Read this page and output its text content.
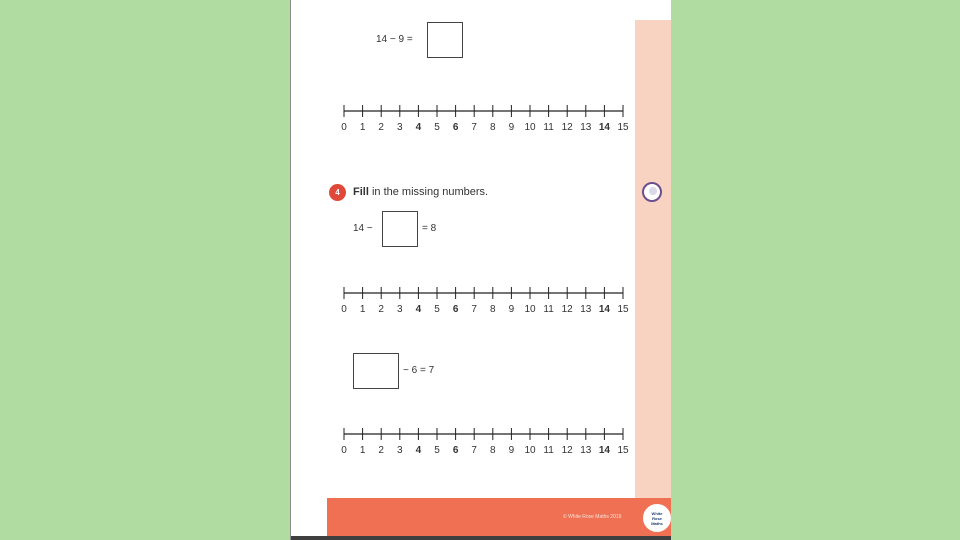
14 − 9 =
0 1 2 3 4 5 6 7 8 9 10 11 12 13 14 15
4	Fill in the missing numbers.
14 −	= 8
0 1 2 3 4 5 6 7 8 9 10 11 12 13 14 15
− 6 = 7
0 1 2 3 4 5 6 7 8 9 10 11 12 13 14 15
© White Rose Maths 2019
White
Rose
Maths
